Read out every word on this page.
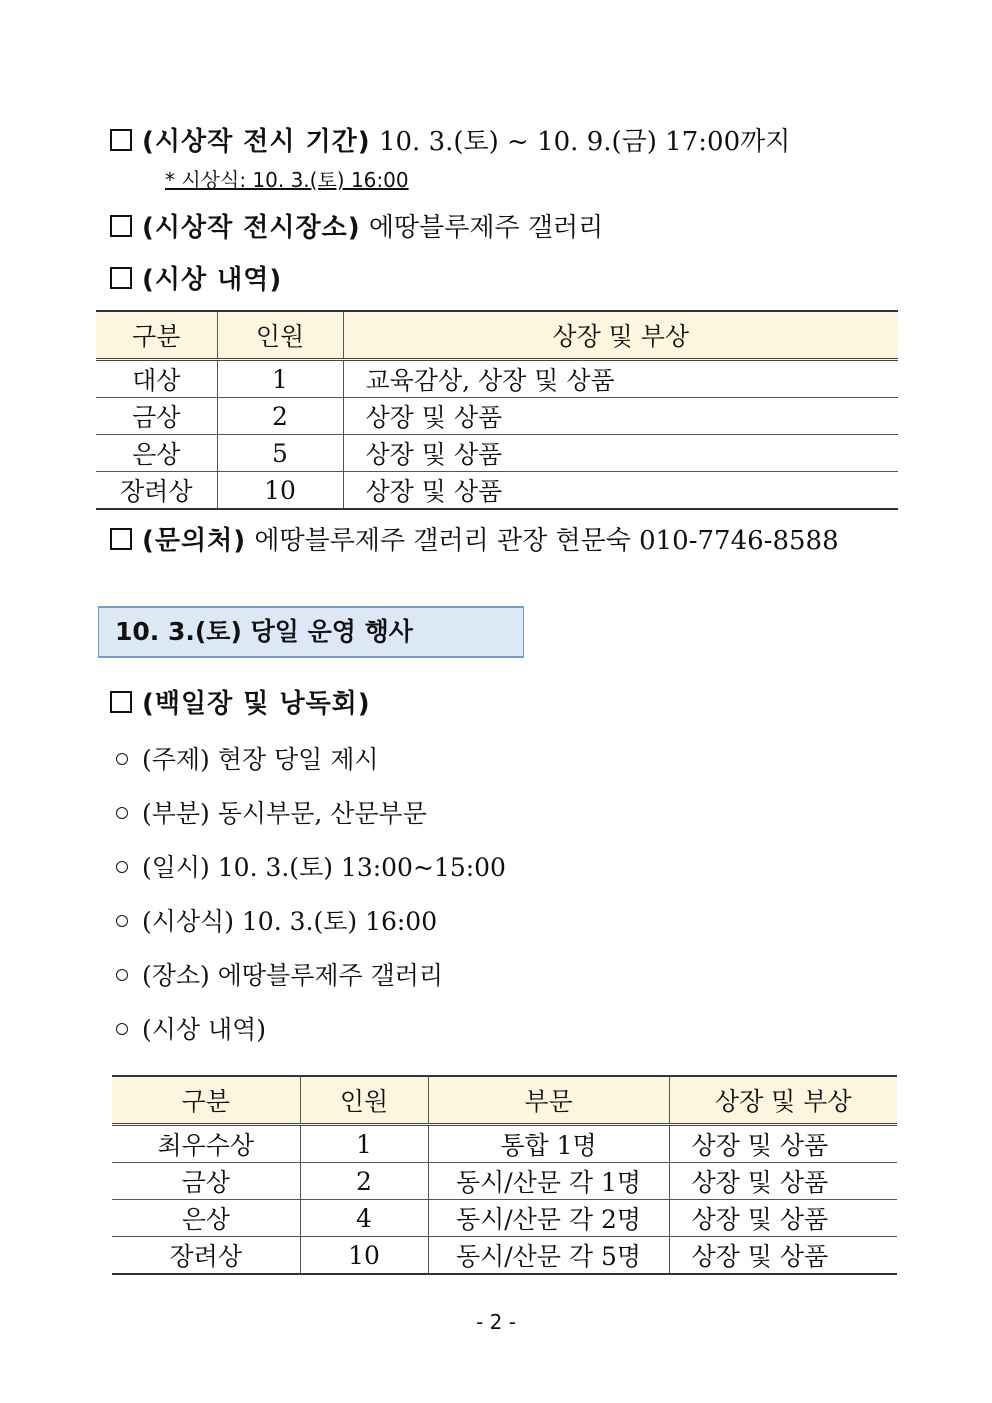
(시상작 전시 기간) 10. 3.(토) ~ 10. 9.(금) 17:00까지
* 시상식: 10. 3.(토) 16:00
(시상작 전시장소) 에땅블루제주 갤러리
(시상 내역)
구분	인원	상장 및 부상
대상	1	교육감상, 상장 및 상품
금상	2	상장 및 상품
은상	5	상장 및 상품
장려상	10	상장 및 상품
(문의처) 에땅블루제주 갤러리 관장 현문숙 010-7746-8588
10. 3.(토) 당일 운영 행사
(백일장 및 낭독회)
(주제) 현장 당일 제시
(부분) 동시부문, 산문부문
(일시) 10. 3.(토) 13:00~15:00
(시상식) 10. 3.(토) 16:00
(장소) 에땅블루제주 갤러리
(시상 내역)
구분	인원	부문	상장 및 부상
최우수상	1	통합 1명	상장 및 상품
금상	2	동시/산문 각 1명	상장 및 상품
은상	4	동시/산문 각 2명	상장 및 상품
장려상	10	동시/산문 각 5명	상장 및 상품
- 2 -
